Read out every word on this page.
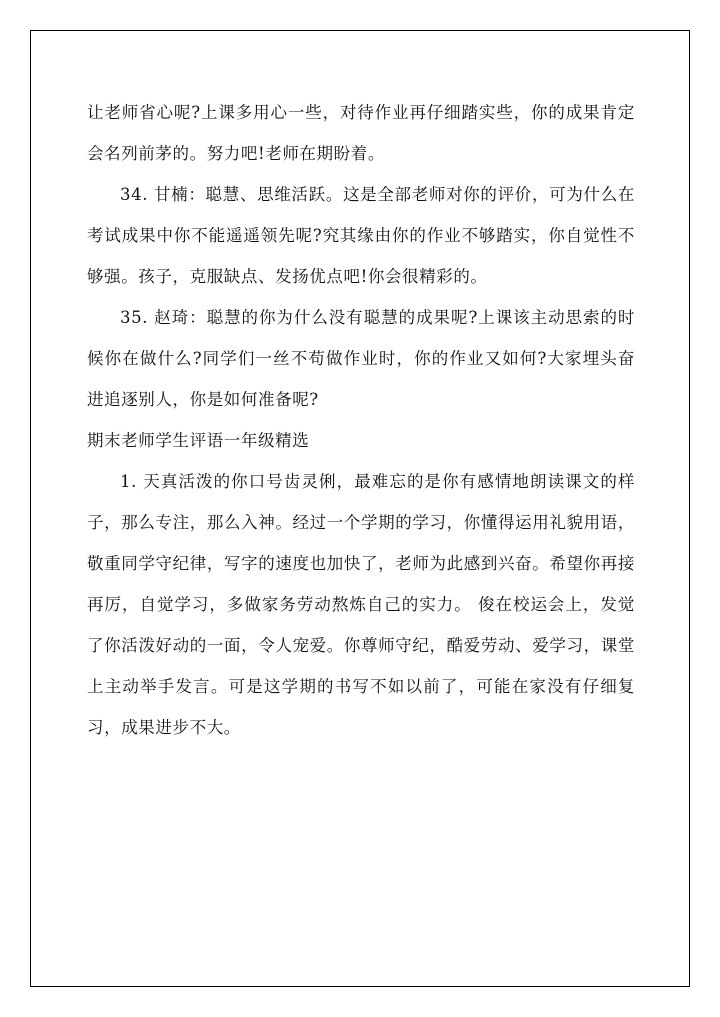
让老师省心呢?上课多用心一些，对待作业再仔细踏实些，你的成果肯定会名列前茅的。努力吧!老师在期盼着。

34. 甘楠：聪慧、思维活跃。这是全部老师对你的评价，可为什么在考试成果中你不能遥遥领先呢?究其缘由你的作业不够踏实，你自觉性不够强。孩子，克服缺点、发扬优点吧!你会很精彩的。

35. 赵琦：聪慧的你为什么没有聪慧的成果呢?上课该主动思索的时候你在做什么?同学们一丝不苟做作业时，你的作业又如何?大家埋头奋进追逐别人，你是如何准备呢?

期末老师学生评语一年级精选

1. 天真活泼的你口号齿灵俐，最难忘的是你有感情地朗读课文的样子，那么专注，那么入神。经过一个学期的学习，你懂得运用礼貌用语，敬重同学守纪律，写字的速度也加快了，老师为此感到兴奋。希望你再接再厉，自觉学习，多做家务劳动熬炼自己的实力。 俊在校运会上，发觉了你活泼好动的一面，令人宠爱。你尊师守纪，酷爱劳动、爱学习，课堂上主动举手发言。可是这学期的书写不如以前了，可能在家没有仔细复习，成果进步不大。
